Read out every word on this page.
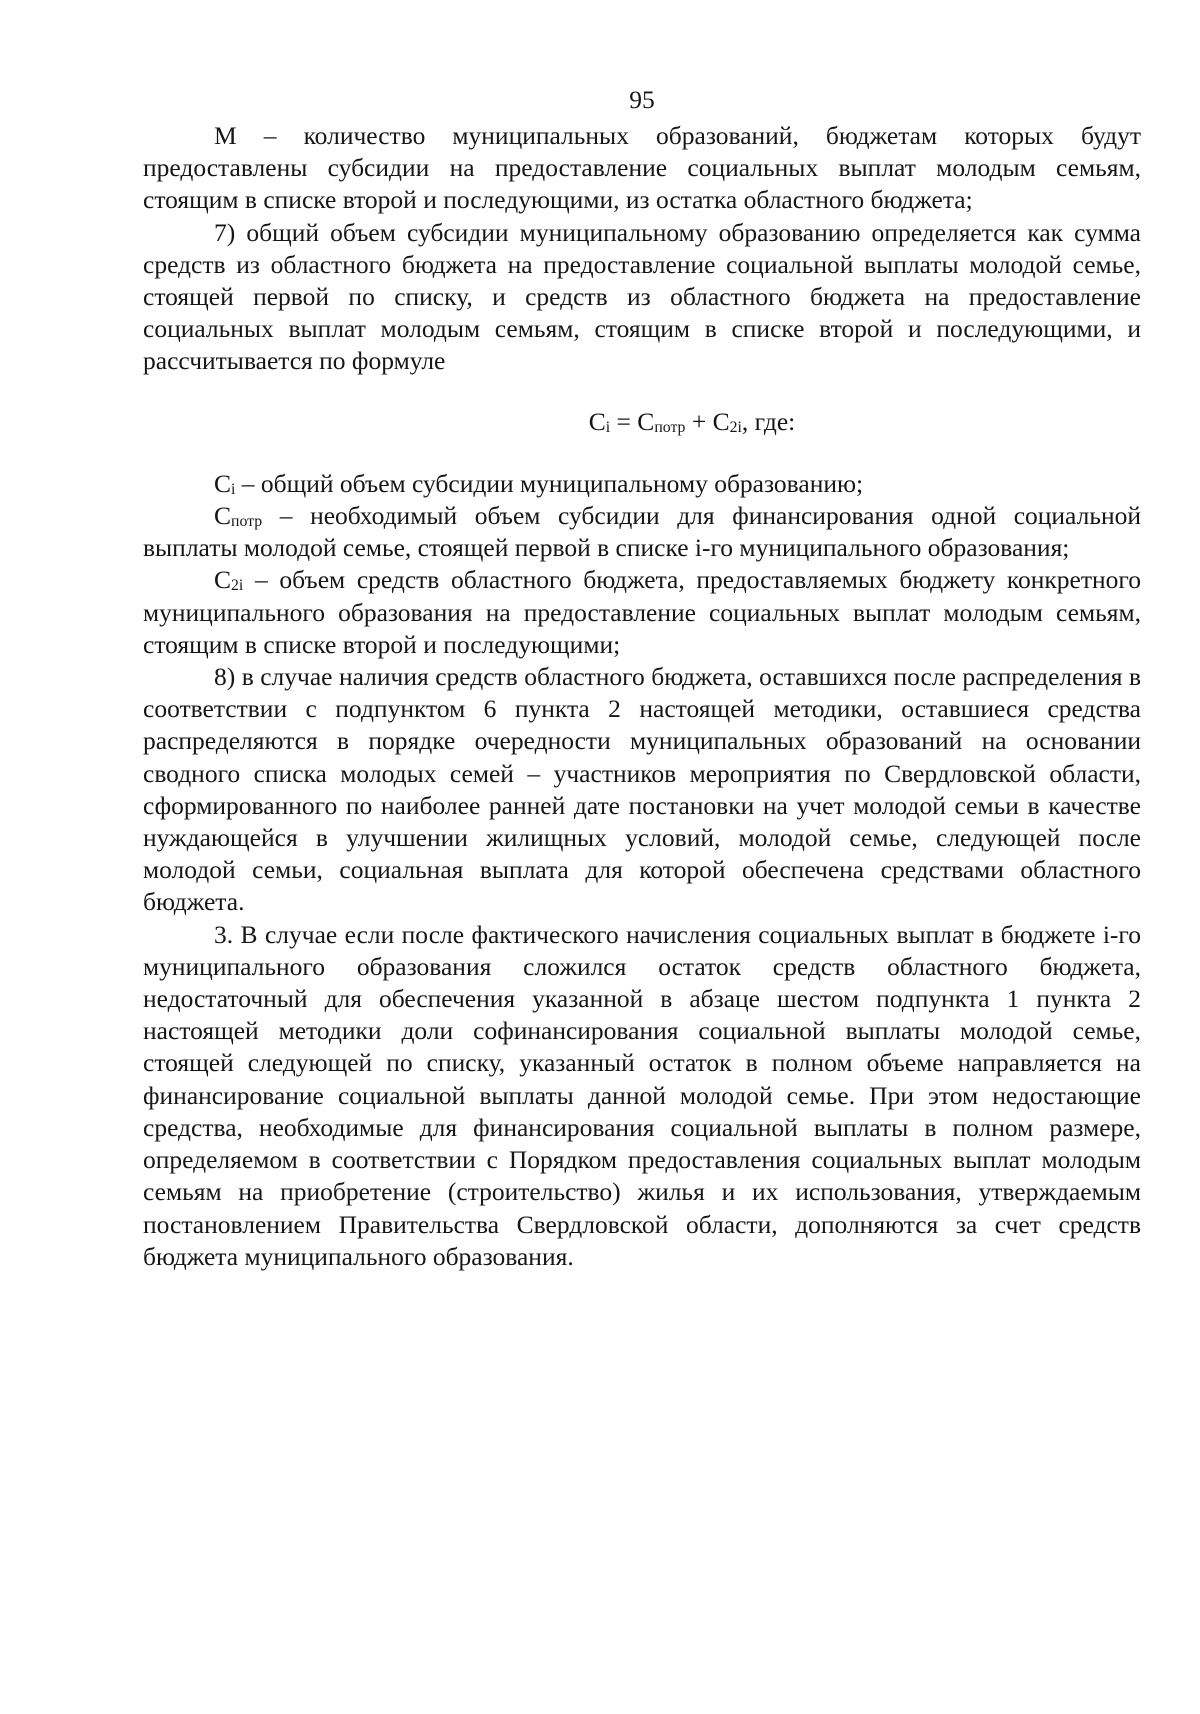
95

М – количество муниципальных образований, бюджетам которых будут предоставлены субсидии на предоставление социальных выплат молодым семьям, стоящим в списке второй и последующими, из остатка областного бюджета;

7) общий объем субсидии муниципальному образованию определяется как сумма средств из областного бюджета на предоставление социальной выплаты молодой семье, стоящей первой по списку, и средств из областного бюджета на предоставление социальных выплат молодым семьям, стоящим в списке второй и последующими, и рассчитывается по формуле

Ci = Cпотр + C2i, где:

Ci – общий объем субсидии муниципальному образованию;

Cпотр – необходимый объем субсидии для финансирования одной социальной выплаты молодой семье, стоящей первой в списке i-го муниципального образования;

C2i – объем средств областного бюджета, предоставляемых бюджету конкретного муниципального образования на предоставление социальных выплат молодым семьям, стоящим в списке второй и последующими;

8) в случае наличия средств областного бюджета, оставшихся после распределения в соответствии с подпунктом 6 пункта 2 настоящей методики, оставшиеся средства распределяются в порядке очередности муниципальных образований на основании сводного списка молодых семей – участников мероприятия по Свердловской области, сформированного по наиболее ранней дате постановки на учет молодой семьи в качестве нуждающейся в улучшении жилищных условий, молодой семье, следующей после молодой семьи, социальная выплата для которой обеспечена средствами областного бюджета.

3. В случае если после фактического начисления социальных выплат в бюджете i-го муниципального образования сложился остаток средств областного бюджета, недостаточный для обеспечения указанной в абзаце шестом подпункта 1 пункта 2 настоящей методики доли софинансирования социальной выплаты молодой семье, стоящей следующей по списку, указанный остаток в полном объеме направляется на финансирование социальной выплаты данной молодой семье. При этом недостающие средства, необходимые для финансирования социальной выплаты в полном размере, определяемом в соответствии с Порядком предоставления социальных выплат молодым семьям на приобретение (строительство) жилья и их использования, утверждаемым постановлением Правительства Свердловской области, дополняются за счет средств бюджета муниципального образования.
